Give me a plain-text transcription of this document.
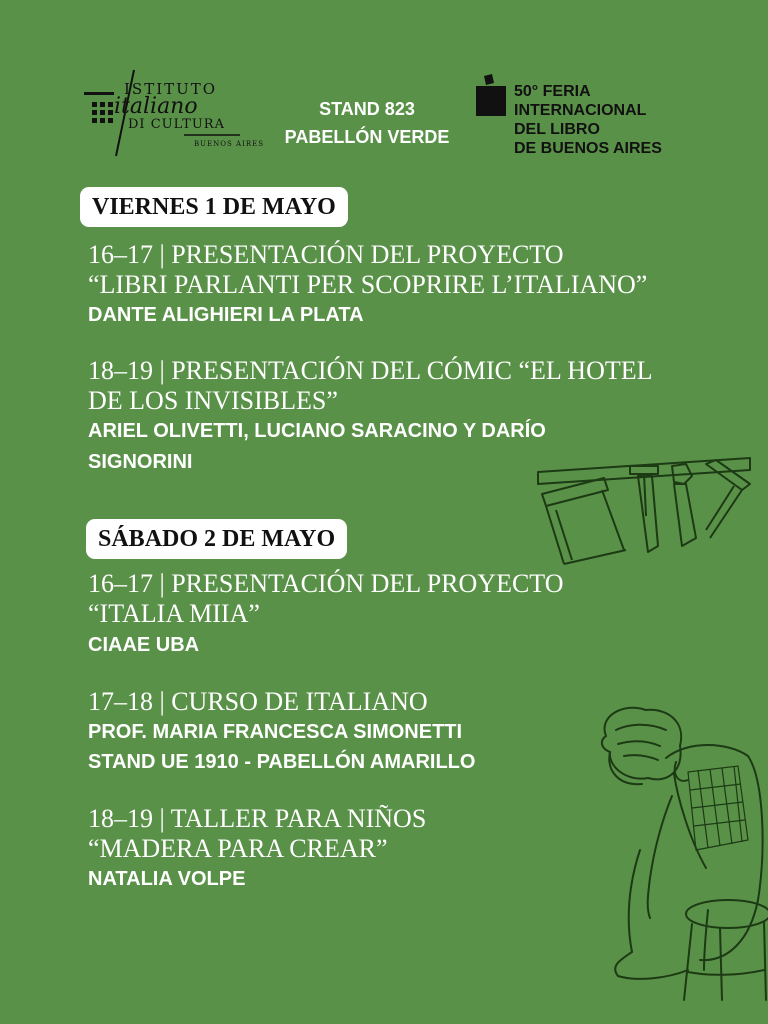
ISTITUTO
italiano
DI CULTURA
BUENOS AIRES
STAND 823
PABELLÓN VERDE
50° FERIA
INTERNACIONAL
DEL LIBRO
DE BUENOS AIRES
VIERNES 1 DE MAYO
16–17 | PRESENTACIÓN DEL PROYECTO
“LIBRI PARLANTI PER SCOPRIRE L’ITALIANO”
DANTE ALIGHIERI LA PLATA
18–19 | PRESENTACIÓN DEL CÓMIC “EL HOTEL
DE LOS INVISIBLES”
ARIEL OLIVETTI, LUCIANO SARACINO Y DARÍO
SIGNORINI
SÁBADO 2 DE MAYO
16–17 | PRESENTACIÓN DEL PROYECTO
“ITALIA MIIA”
CIAAE UBA
17–18 | CURSO DE ITALIANO
PROF. MARIA FRANCESCA SIMONETTI
STAND UE 1910 - PABELLÓN AMARILLO
18–19 | TALLER PARA NIÑOS
“MADERA PARA CREAR”
NATALIA VOLPE
